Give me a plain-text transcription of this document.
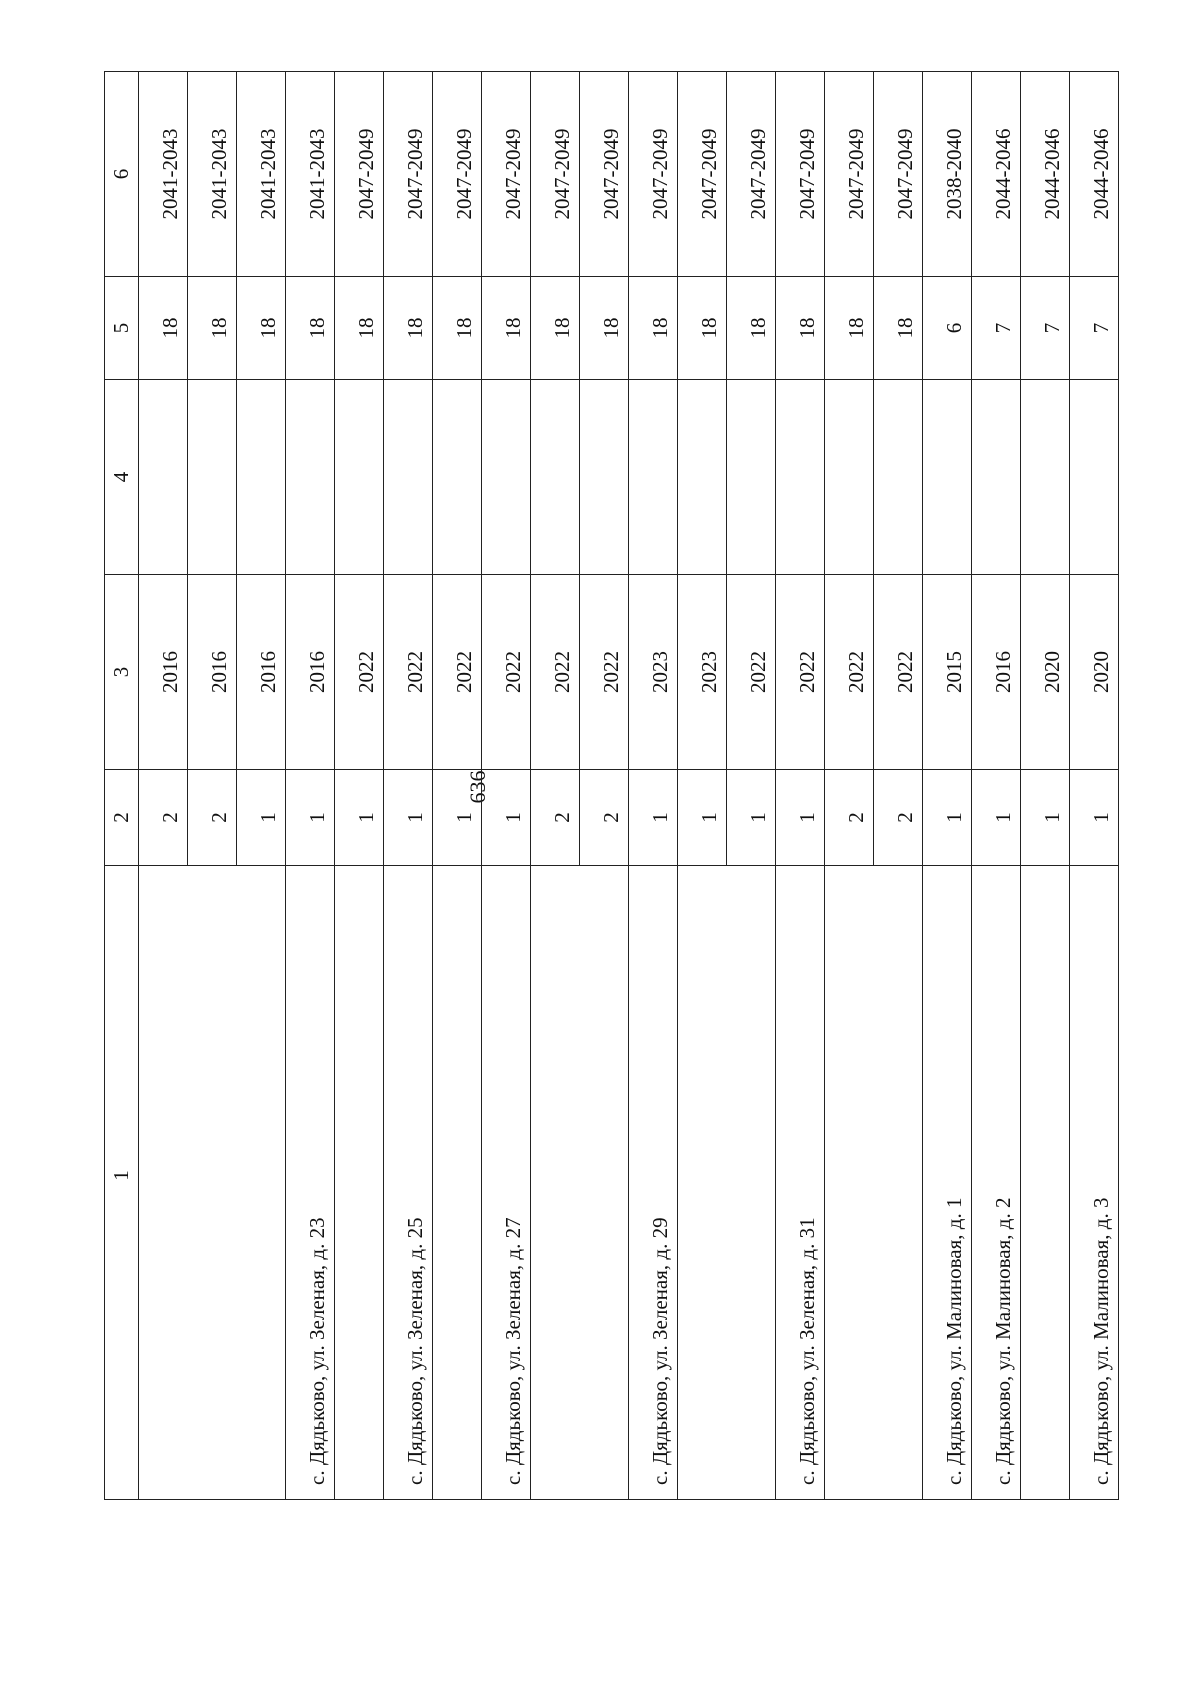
636
1	2	3	4	5	6
	2	2016		18	2041-2043
	2	2016		18	2041-2043
	1	2016		18	2041-2043
с. Дядьково, ул. Зеленая, д. 23	1	2016		18	2041-2043
	1	2022		18	2047-2049
с. Дядьково, ул. Зеленая, д. 25	1	2022		18	2047-2049
	1	2022		18	2047-2049
с. Дядьково, ул. Зеленая, д. 27	1	2022		18	2047-2049
	2	2022		18	2047-2049
	2	2022		18	2047-2049
с. Дядьково, ул. Зеленая, д. 29	1	2023		18	2047-2049
	1	2023		18	2047-2049
	1	2022		18	2047-2049
с. Дядьково, ул. Зеленая, д. 31	1	2022		18	2047-2049
	2	2022		18	2047-2049
	2	2022		18	2047-2049
с. Дядьково, ул. Малиновая, д. 1	1	2015		6	2038-2040
с. Дядьково, ул. Малиновая, д. 2	1	2016		7	2044-2046
	1	2020		7	2044-2046
с. Дядьково, ул. Малиновая, д. 3	1	2020		7	2044-2046
